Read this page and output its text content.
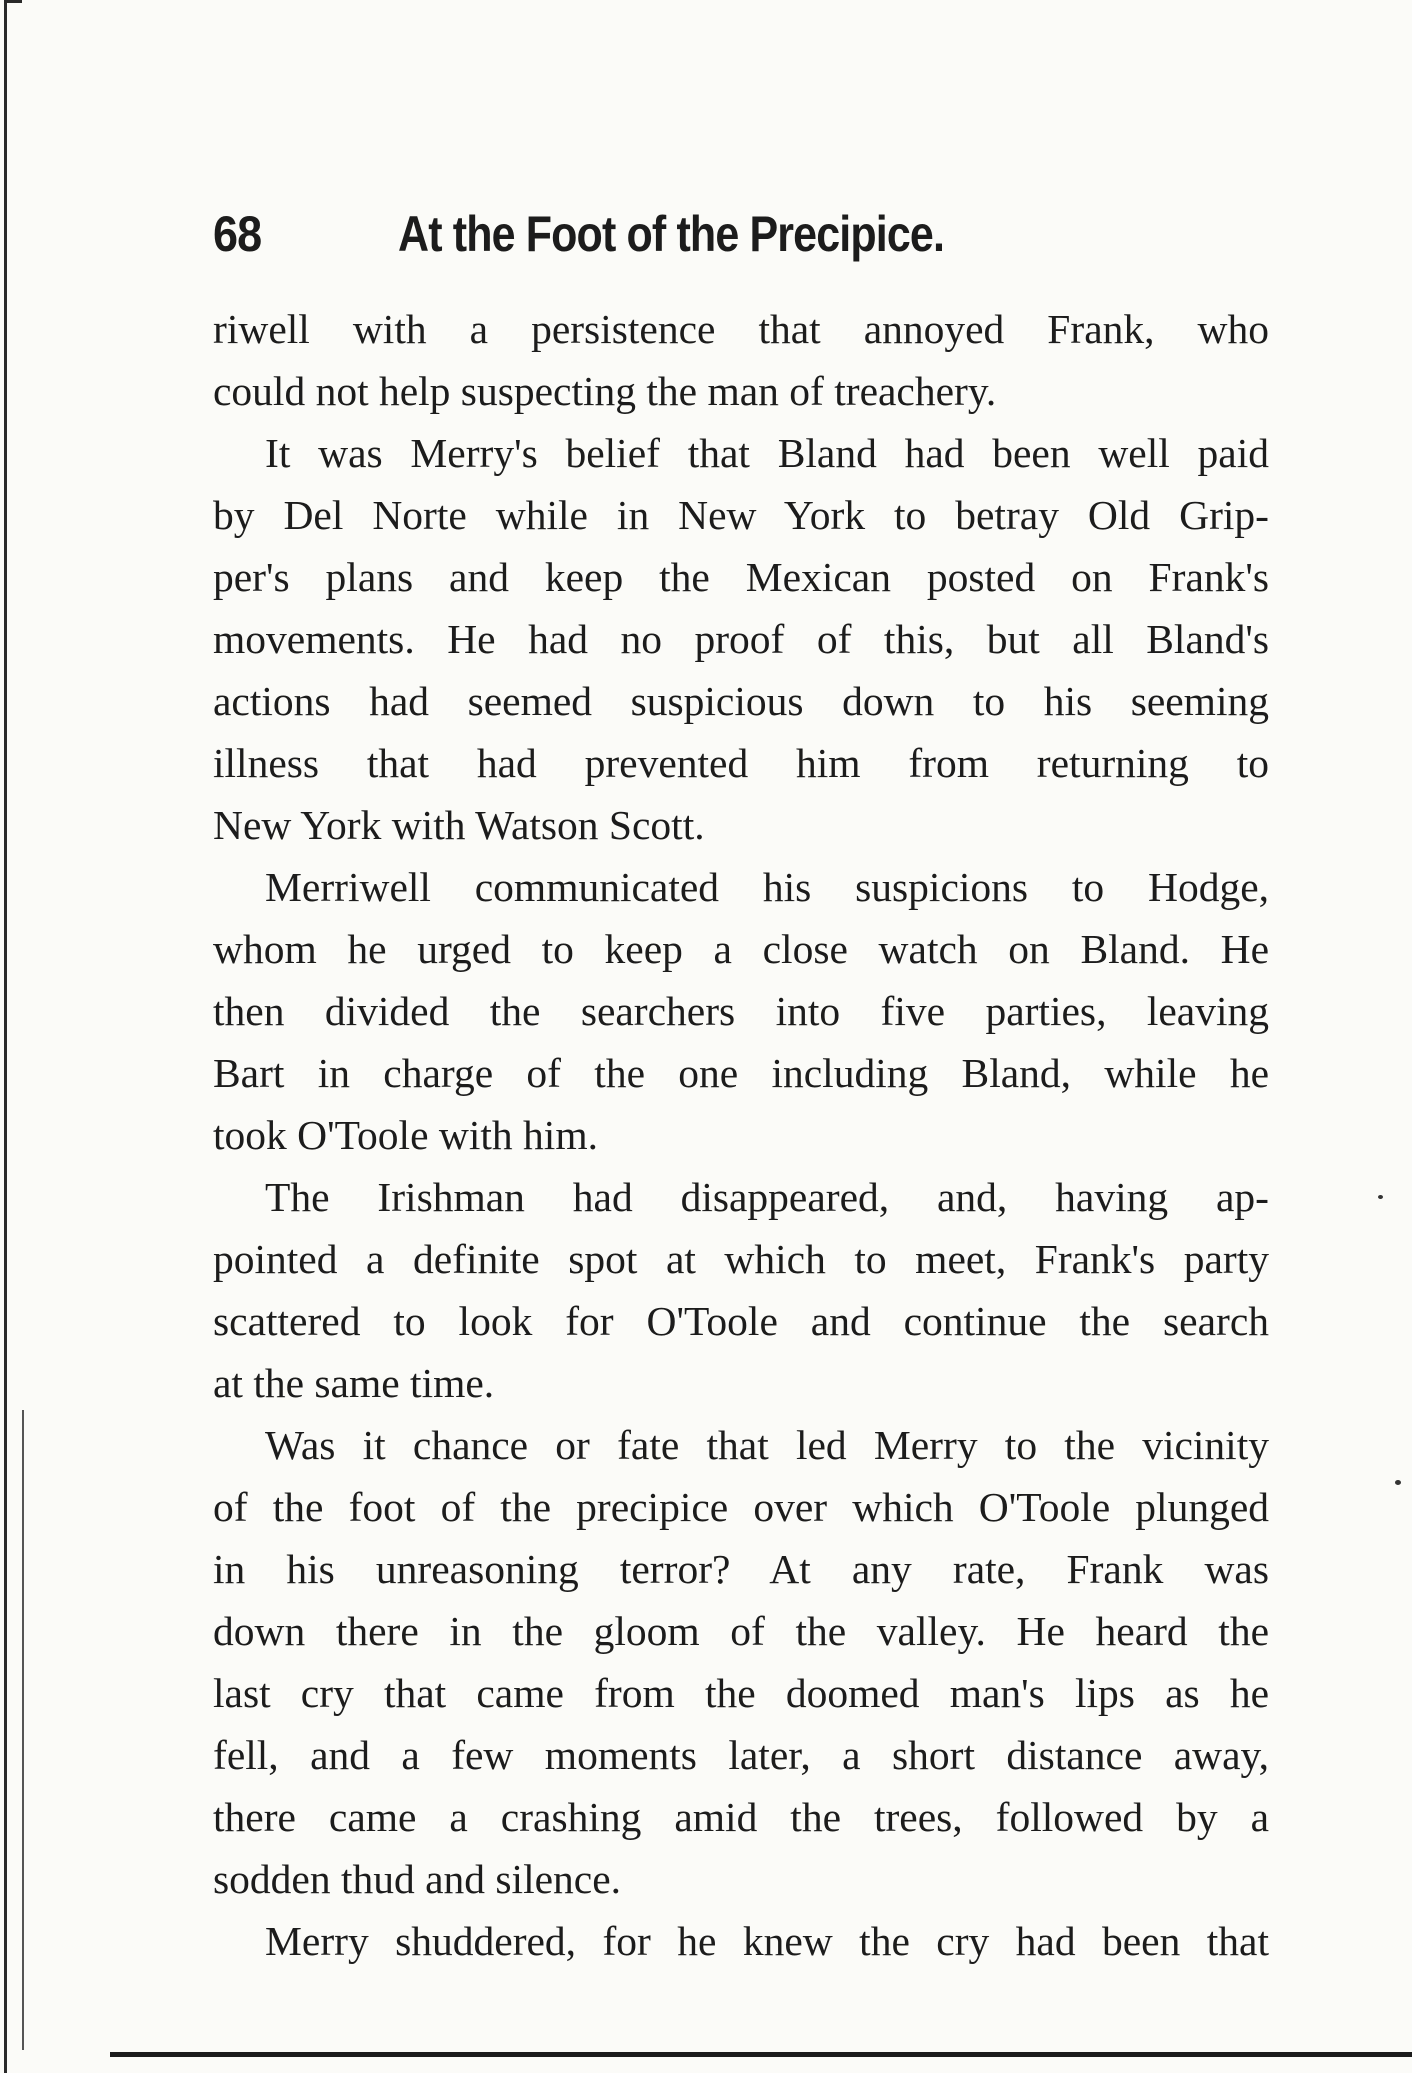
68	At the Foot of the Precipice.
riwell with a persistence that annoyed Frank, who
could not help suspecting the man of treachery.
It was Merry's belief that Bland had been well paid
by Del Norte while in New York to betray Old Grip-
per's plans and keep the Mexican posted on Frank's
movements. He had no proof of this, but all Bland's
actions had seemed suspicious down to his seeming
illness that had prevented him from returning to
New York with Watson Scott.
Merriwell communicated his suspicions to Hodge,
whom he urged to keep a close watch on Bland. He
then divided the searchers into five parties, leaving
Bart in charge of the one including Bland, while he
took O'Toole with him.
The Irishman had disappeared, and, having ap-
pointed a definite spot at which to meet, Frank's party
scattered to look for O'Toole and continue the search
at the same time.
Was it chance or fate that led Merry to the vicinity
of the foot of the precipice over which O'Toole plunged
in his unreasoning terror? At any rate, Frank was
down there in the gloom of the valley. He heard the
last cry that came from the doomed man's lips as he
fell, and a few moments later, a short distance away,
there came a crashing amid the trees, followed by a
sodden thud and silence.
Merry shuddered, for he knew the cry had been that
